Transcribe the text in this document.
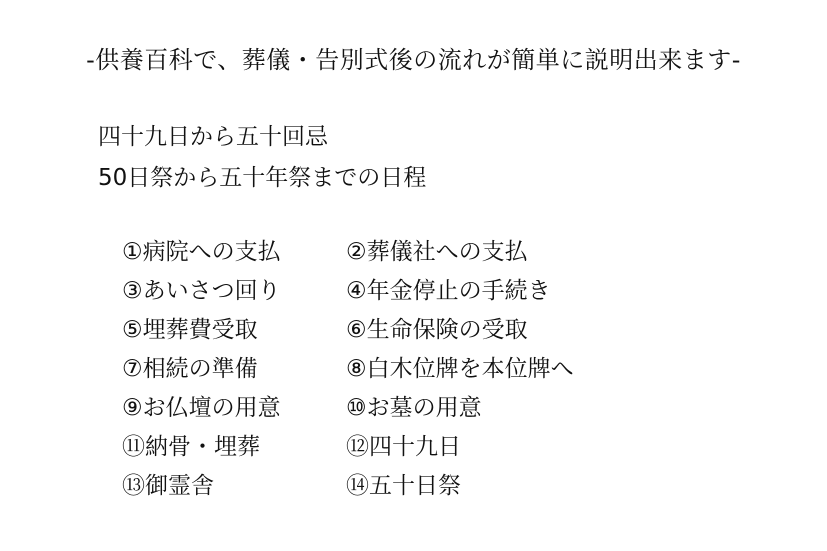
-供養百科で、葬儀・告別式後の流れが簡単に説明出来ます-
四十九日から五十回忌
50日祭から五十年祭までの日程
①病院への支払	②葬儀社への支払
③あいさつ回り	④年金停止の手続き
⑤埋葬費受取	⑥生命保険の受取
⑦相続の準備	⑧白木位牌を本位牌へ
⑨お仏壇の用意	⑩お墓の用意
⑪納骨・埋葬	⑫四十九日
⑬御霊舎	⑭五十日祭
